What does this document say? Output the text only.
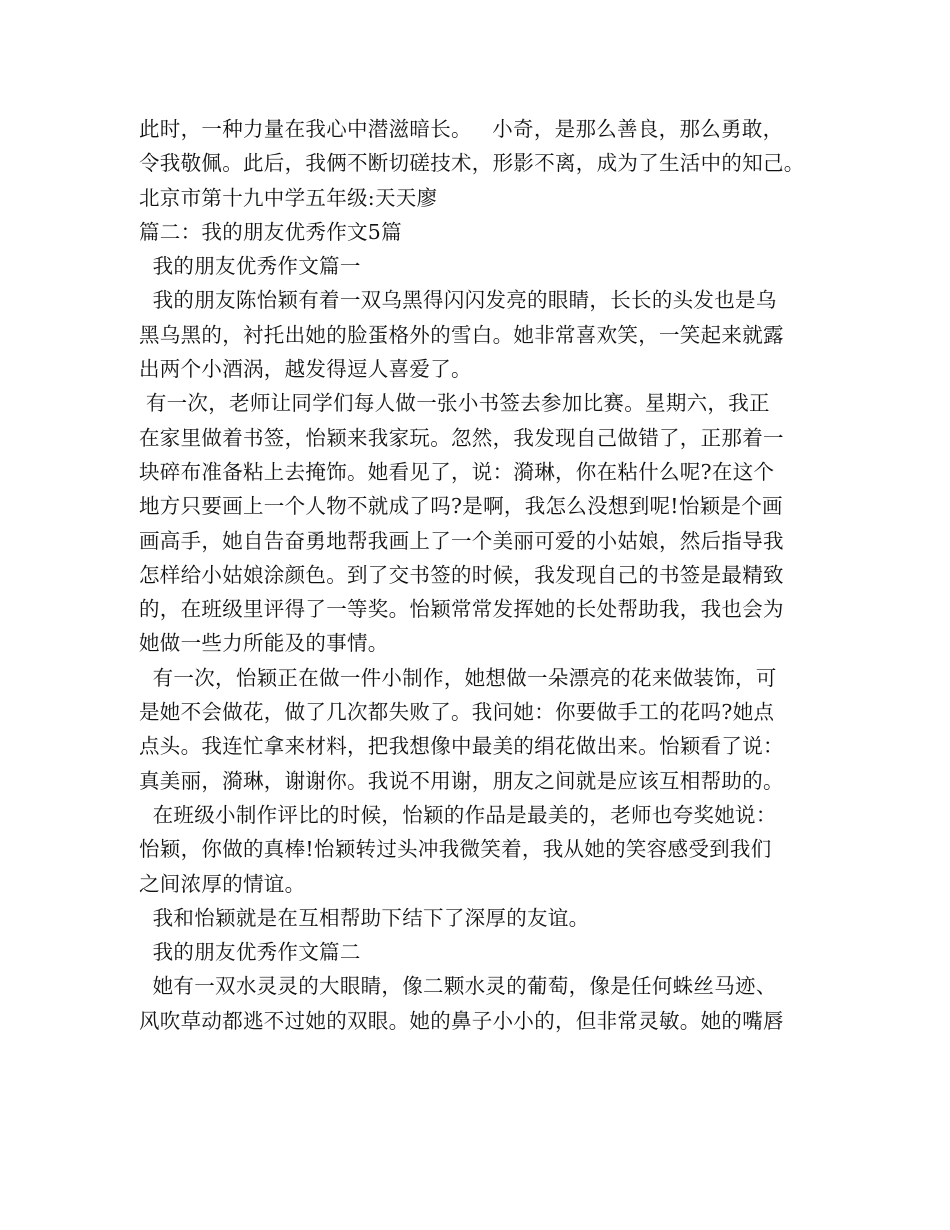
此时，一种力量在我心中潜滋暗长。   小奇，是那么善良，那么勇敢，
令我敬佩。此后，我俩不断切磋技术，形影不离，成为了生活中的知己。
北京市第十九中学五年级:天天廖
篇二：我的朋友优秀作文5篇
我的朋友优秀作文篇一
我的朋友陈怡颖有着一双乌黑得闪闪发亮的眼睛，长长的头发也是乌
黑乌黑的，衬托出她的脸蛋格外的雪白。她非常喜欢笑，一笑起来就露
出两个小酒涡，越发得逗人喜爱了。
有一次，老师让同学们每人做一张小书签去参加比赛。星期六，我正
在家里做着书签，怡颖来我家玩。忽然，我发现自己做错了，正那着一
块碎布准备粘上去掩饰。她看见了，说：漪琳，你在粘什么呢?在这个
地方只要画上一个人物不就成了吗?是啊，我怎么没想到呢!怡颖是个画
画高手，她自告奋勇地帮我画上了一个美丽可爱的小姑娘，然后指导我
怎样给小姑娘涂颜色。到了交书签的时候，我发现自己的书签是最精致
的，在班级里评得了一等奖。怡颖常常发挥她的长处帮助我，我也会为
她做一些力所能及的事情。
有一次，怡颖正在做一件小制作，她想做一朵漂亮的花来做装饰，可
是她不会做花，做了几次都失败了。我问她：你要做手工的花吗?她点
点头。我连忙拿来材料，把我想像中最美的绢花做出来。怡颖看了说：
真美丽，漪琳，谢谢你。我说不用谢，朋友之间就是应该互相帮助的。
在班级小制作评比的时候，怡颖的作品是最美的，老师也夸奖她说：
怡颖，你做的真棒!怡颖转过头冲我微笑着，我从她的笑容感受到我们
之间浓厚的情谊。
我和怡颖就是在互相帮助下结下了深厚的友谊。
我的朋友优秀作文篇二
她有一双水灵灵的大眼睛，像二颗水灵的葡萄，像是任何蛛丝马迹、
风吹草动都逃不过她的双眼。她的鼻子小小的，但非常灵敏。她的嘴唇
